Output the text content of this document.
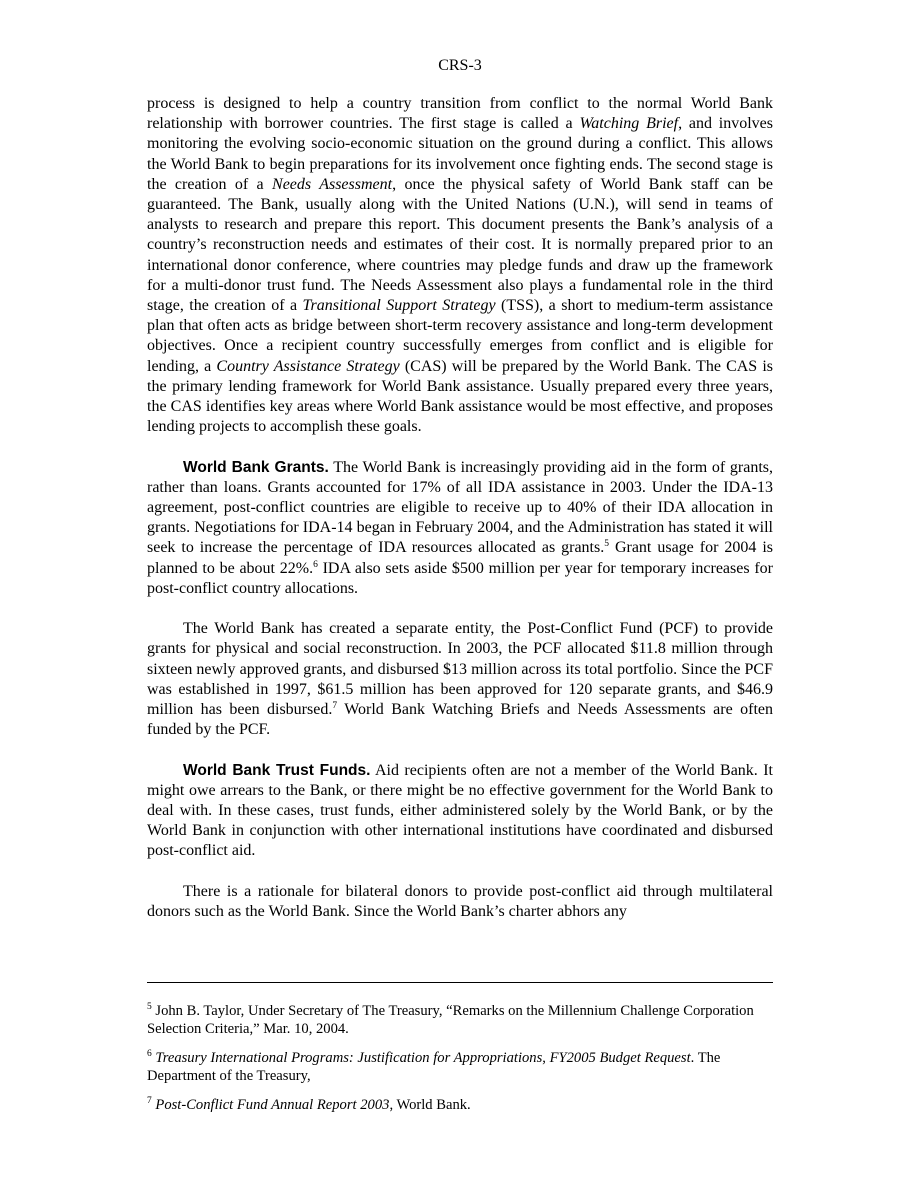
CRS-3

process is designed to help a country transition from conflict to the normal World Bank relationship with borrower countries. The first stage is called a Watching Brief, and involves monitoring the evolving socio-economic situation on the ground during a conflict. This allows the World Bank to begin preparations for its involvement once fighting ends. The second stage is the creation of a Needs Assessment, once the physical safety of World Bank staff can be guaranteed. The Bank, usually along with the United Nations (U.N.), will send in teams of analysts to research and prepare this report. This document presents the Bank’s analysis of a country’s reconstruction needs and estimates of their cost. It is normally prepared prior to an international donor conference, where countries may pledge funds and draw up the framework for a multi-donor trust fund. The Needs Assessment also plays a fundamental role in the third stage, the creation of a Transitional Support Strategy (TSS), a short to medium-term assistance plan that often acts as bridge between short-term recovery assistance and long-term development objectives. Once a recipient country successfully emerges from conflict and is eligible for lending, a Country Assistance Strategy (CAS) will be prepared by the World Bank. The CAS is the primary lending framework for World Bank assistance. Usually prepared every three years, the CAS identifies key areas where World Bank assistance would be most effective, and proposes lending projects to accomplish these goals.

World Bank Grants. The World Bank is increasingly providing aid in the form of grants, rather than loans. Grants accounted for 17% of all IDA assistance in 2003. Under the IDA-13 agreement, post-conflict countries are eligible to receive up to 40% of their IDA allocation in grants. Negotiations for IDA-14 began in February 2004, and the Administration has stated it will seek to increase the percentage of IDA resources allocated as grants.$^5$ Grant usage for 2004 is planned to be about 22%.$^6$ IDA also sets aside $500 million per year for temporary increases for post-conflict country allocations.

The World Bank has created a separate entity, the Post-Conflict Fund (PCF) to provide grants for physical and social reconstruction. In 2003, the PCF allocated $11.8 million through sixteen newly approved grants, and disbursed $13 million across its total portfolio. Since the PCF was established in 1997, $61.5 million has been approved for 120 separate grants, and $46.9 million has been disbursed.$^7$ World Bank Watching Briefs and Needs Assessments are often funded by the PCF.

World Bank Trust Funds. Aid recipients often are not a member of the World Bank. It might owe arrears to the Bank, or there might be no effective government for the World Bank to deal with. In these cases, trust funds, either administered solely by the World Bank, or by the World Bank in conjunction with other international institutions have coordinated and disbursed post-conflict aid.

There is a rationale for bilateral donors to provide post-conflict aid through multilateral donors such as the World Bank. Since the World Bank’s charter abhors any

$^5$ John B. Taylor, Under Secretary of The Treasury, “Remarks on the Millennium Challenge Corporation Selection Criteria,” Mar. 10, 2004.
$^6$ Treasury International Programs: Justification for Appropriations, FY2005 Budget Request. The Department of the Treasury,
$^7$ Post-Conflict Fund Annual Report 2003, World Bank.
